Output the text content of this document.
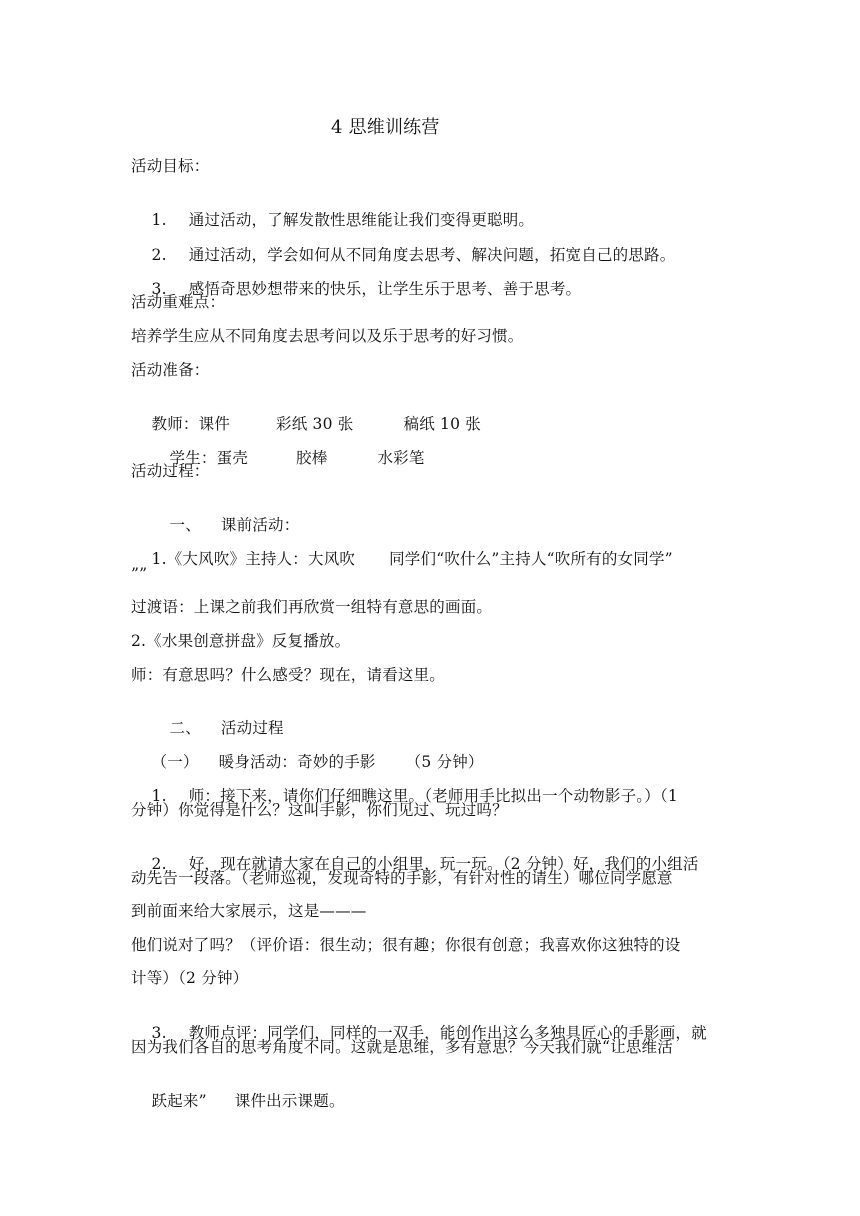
4 思维训练营
活动目标：

1. 通过活动，了解发散性思维能让我们变得更聪明。

2. 通过活动，学会如何从不同角度去思考、解决问题，拓宽自己的思路。

3. 感悟奇思妙想带来的快乐，让学生乐于思考、善于思考。

活动重难点：
培养学生应从不同角度去思考问以及乐于思考的好习惯。
活动准备：

教师：课件	彩纸 30 张	稿纸 10 张

学生：蛋壳	胶棒	水彩笔

活动过程：

一、 课前活动：

1.《大风吹》主持人：大风吹 同学们“吹什么”主持人“吹所有的女同学”

””
过渡语：上课之前我们再欣赏一组特有意思的画面。
2.《水果创意拼盘》反复播放。
师：有意思吗？什么感受？现在，请看这里。

二、 活动过程

（一） 暖身活动：奇妙的手影 （5 分钟）

1. 师：接下来，请你们仔细瞧这里。（老师用手比拟出一个动物影子。）（1

分钟）你觉得是什么？这叫手影，你们见过、玩过吗？

2. 好，现在就请大家在自己的小组里，玩一玩。（2 分钟）好，我们的小组活

动先告一段落。（老师巡视，发现奇特的手影，有针对性的请生）哪位同学愿意
到前面来给大家展示，这是———
他们说对了吗？（评价语：很生动；很有趣；你很有创意；我喜欢你这独特的设
计等）（2 分钟）

3. 教师点评：同学们，同样的一双手，能创作出这么多独具匠心的手影画，就

因为我们各自的思考角度不同。这就是思维，多有意思？今天我们就“让思维活

跃起来” 课件出示课题。
